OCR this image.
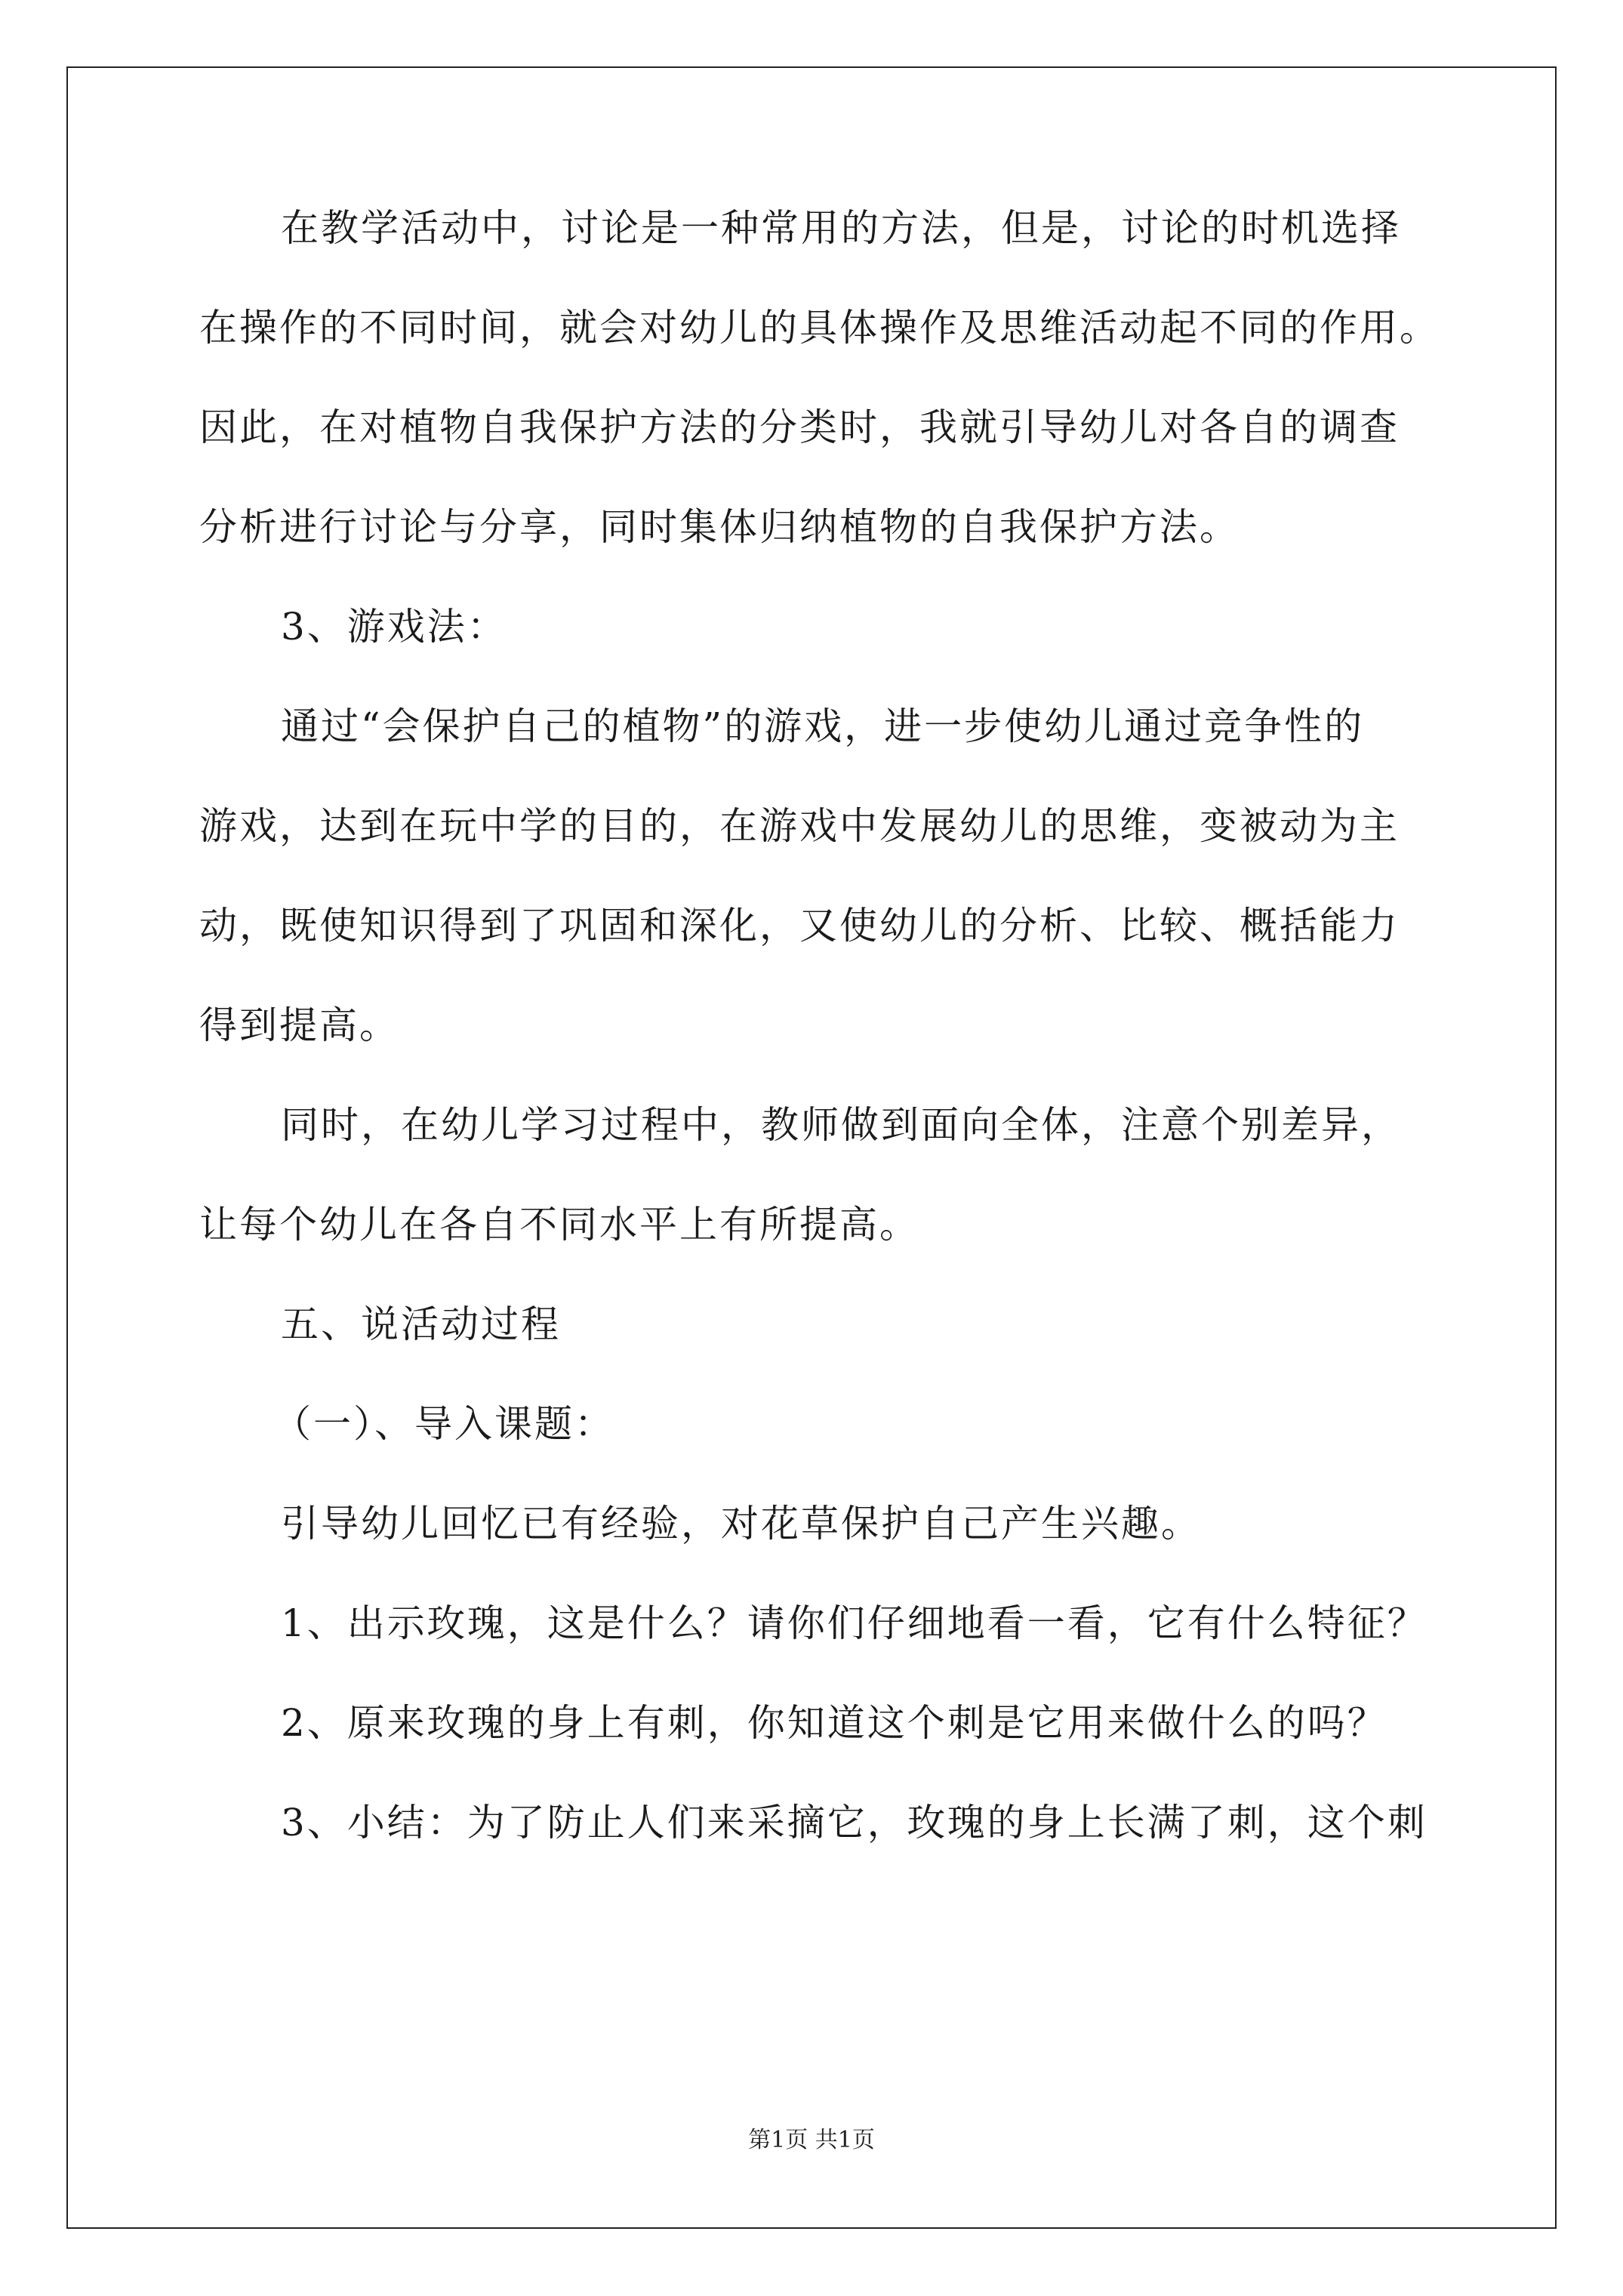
在教学活动中，讨论是一种常用的方法，但是，讨论的时机选择
在操作的不同时间，就会对幼儿的具体操作及思维活动起不同的作用。
因此，在对植物自我保护方法的分类时，我就引导幼儿对各自的调查
分析进行讨论与分享，同时集体归纳植物的自我保护方法。
3、游戏法：
通过“会保护自己的植物”的游戏，进一步使幼儿通过竞争性的
游戏，达到在玩中学的目的，在游戏中发展幼儿的思维，变被动为主
动，既使知识得到了巩固和深化，又使幼儿的分析、比较、概括能力
得到提高。
同时，在幼儿学习过程中，教师做到面向全体，注意个别差异，
让每个幼儿在各自不同水平上有所提高。
五、说活动过程
（一）、导入课题：
引导幼儿回忆已有经验，对花草保护自己产生兴趣。
1、出示玫瑰，这是什么？请你们仔细地看一看，它有什么特征？
2、原来玫瑰的身上有刺，你知道这个刺是它用来做什么的吗？
3、小结：为了防止人们来采摘它，玫瑰的身上长满了刺，这个刺
第1页 共1页
